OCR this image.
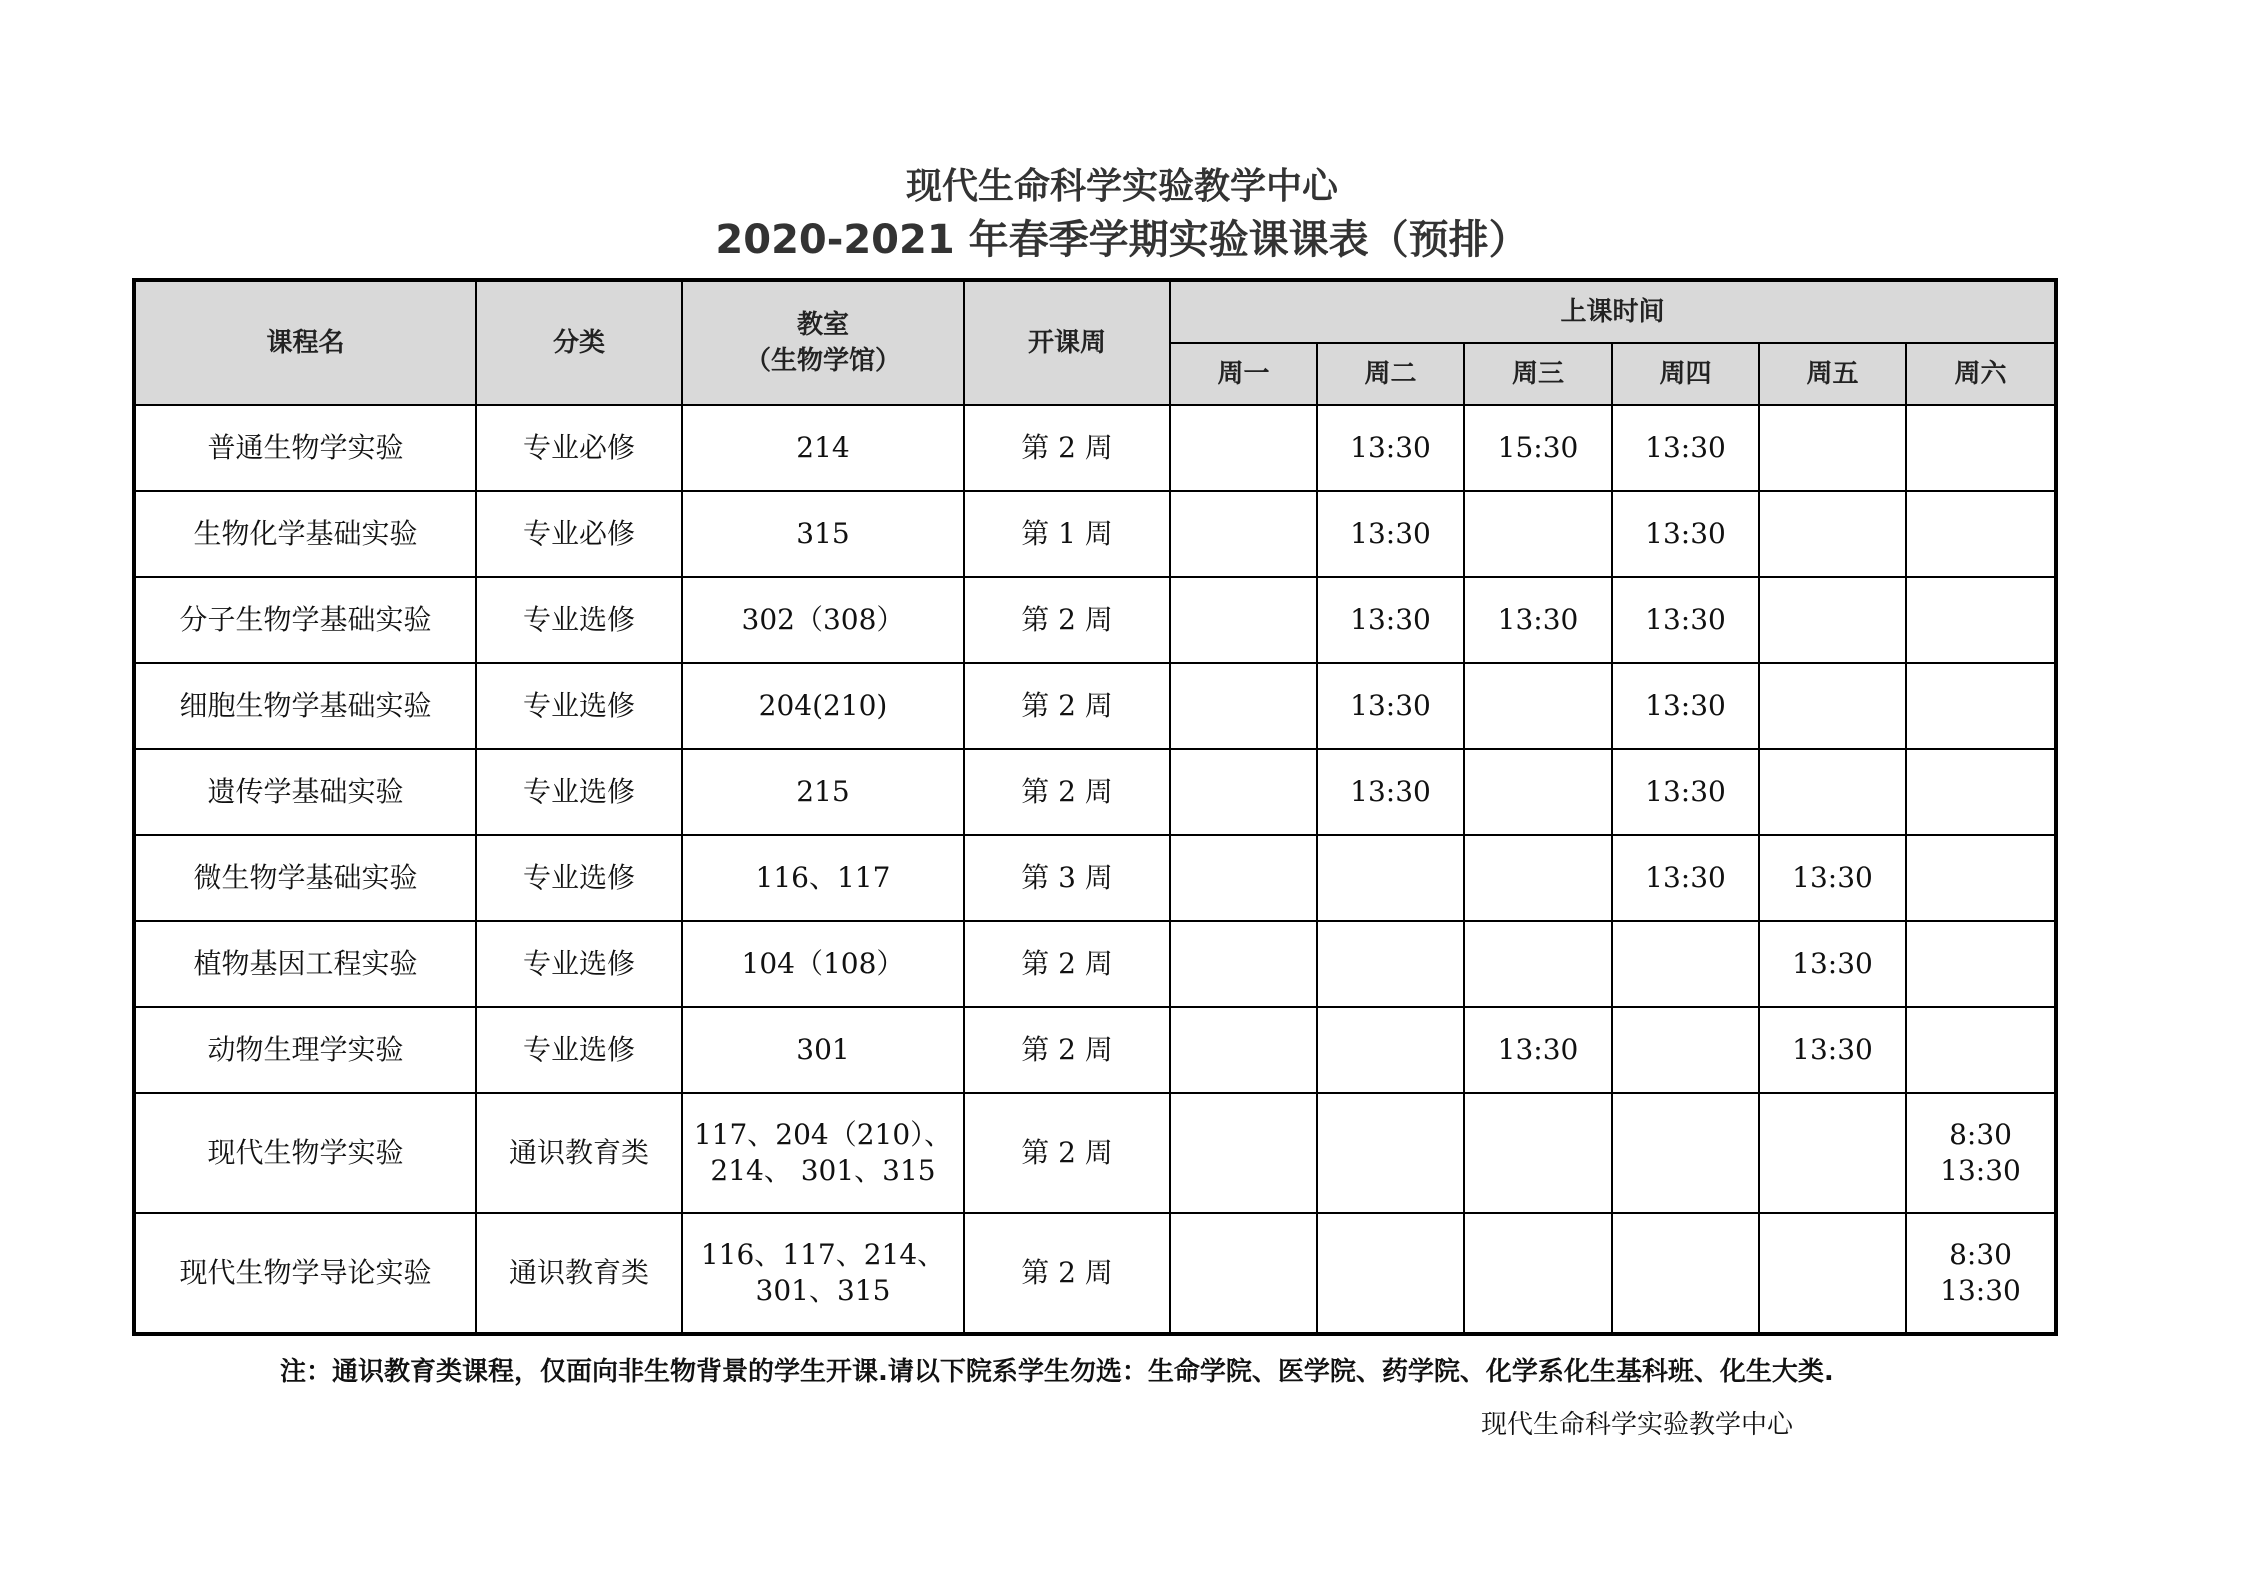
现代生命科学实验教学中心
2020-2021 年春季学期实验课课表（预排）
课程名	分类	教室
（生物学馆）	开课周	上课时间					
				周一	周二	周三	周四	周五	周六
普通生物学实验	专业必修	214	第 2 周		13:30	15:30	13:30		

生物化学基础实验	专业必修	315	第 1 周		13:30		13:30		

分子生物学基础实验	专业选修	302（308）	第 2 周		13:30	13:30	13:30		

细胞生物学基础实验	专业选修	204(210)	第 2 周		13:30		13:30		

遗传学基础实验	专业选修	215	第 2 周		13:30		13:30		

微生物学基础实验	专业选修	116、117	第 3 周				13:30	13:30	

植物基因工程实验	专业选修	104（108）	第 2 周					13:30	

动物生理学实验	专业选修	301	第 2 周			13:30		13:30	

现代生物学实验	通识教育类	117、204（210）、
214、 301、315	第 2 周						8:30
13:30

现代生物学导论实验	通识教育类	116、117、214、
301、315	第 2 周						8:30
13:30
注：通识教育类课程，仅面向非生物背景的学生开课.请以下院系学生勿选：生命学院、医学院、药学院、化学系化生基科班、化生大类.
现代生命科学实验教学中心
